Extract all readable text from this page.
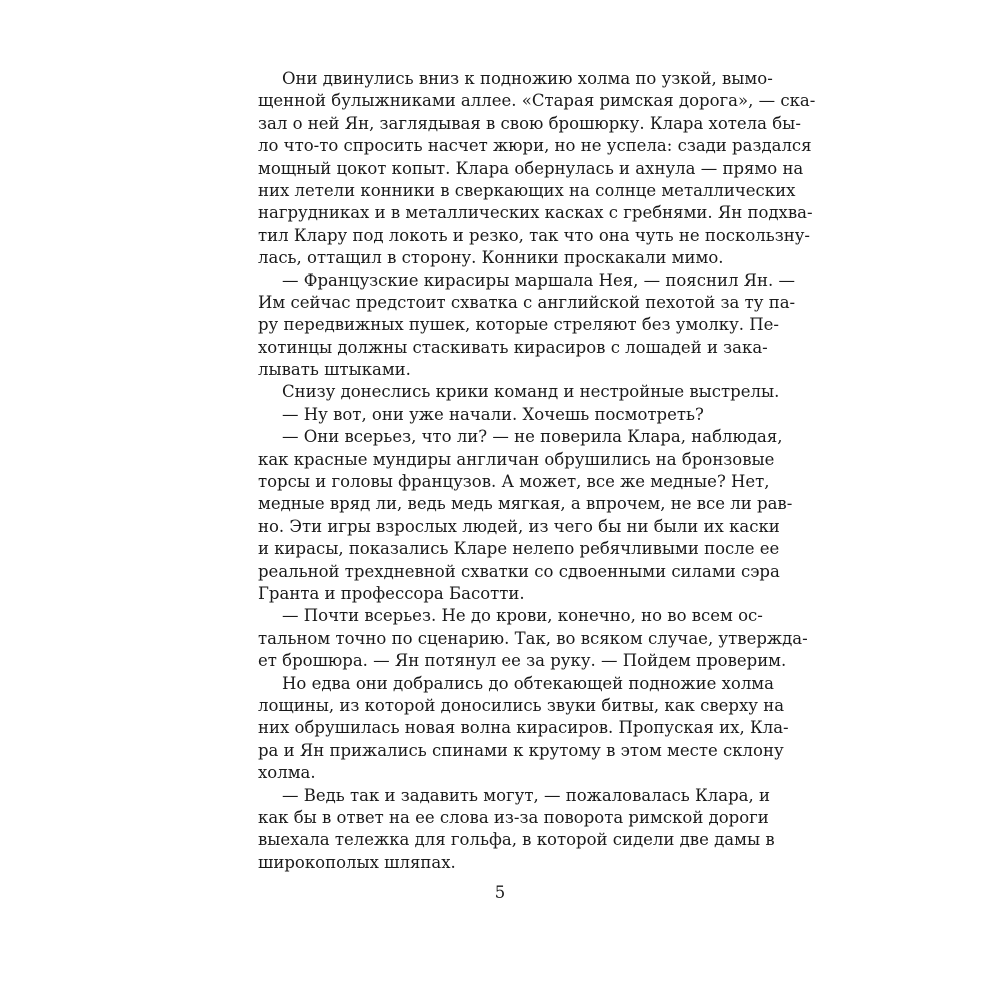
Они двинулись вниз к подножию холма по узкой, вымо-
щенной булыжниками аллее. «Старая римская дорога», — ска-
зал о ней Ян, заглядывая в свою брошюрку. Клара хотела бы-
ло что-то спросить насчет жюри, но не успела: сзади раздался
мощный цокот копыт. Клара обернулась и ахнула — прямо на
них летели конники в сверкающих на солнце металлических
нагрудниках и в металлических касках с гребнями. Ян подхва-
тил Клару под локоть и резко, так что она чуть не поскользну-
лась, оттащил в сторону. Конники проскакали мимо.
— Французские кирасиры маршала Нея, — пояснил Ян. —
Им сейчас предстоит схватка с английской пехотой за ту па-
ру передвижных пушек, которые стреляют без умолку. Пе-
хотинцы должны стаскивать кирасиров с лошадей и зака-
лывать штыками.
Снизу донеслись крики команд и нестройные выстрелы.
— Ну вот, они уже начали. Хочешь посмотреть?
— Они всерьез, что ли? — не поверила Клара, наблюдая,
как красные мундиры англичан обрушились на бронзовые
торсы и головы французов. А может, все же медные? Нет,
медные вряд ли, ведь медь мягкая, а впрочем, не все ли рав-
но. Эти игры взрослых людей, из чего бы ни были их каски
и кирасы, показались Кларе нелепо ребячливыми после ее
реальной трехдневной схватки со сдвоенными силами сэра
Гранта и профессора Басотти.
— Почти всерьез. Не до крови, конечно, но во всем ос-
тальном точно по сценарию. Так, во всяком случае, утвержда-
ет брошюра. — Ян потянул ее за руку. — Пойдем проверим.
Но едва они добрались до обтекающей подножие холма
лощины, из которой доносились звуки битвы, как сверху на
них обрушилась новая волна кирасиров. Пропуская их, Кла-
ра и Ян прижались спинами к крутому в этом месте склону
холма.
— Ведь так и задавить могут, — пожаловалась Клара, и
как бы в ответ на ее слова из-за поворота римской дороги
выехала тележка для гольфа, в которой сидели две дамы в
широкополых шляпах.
5
